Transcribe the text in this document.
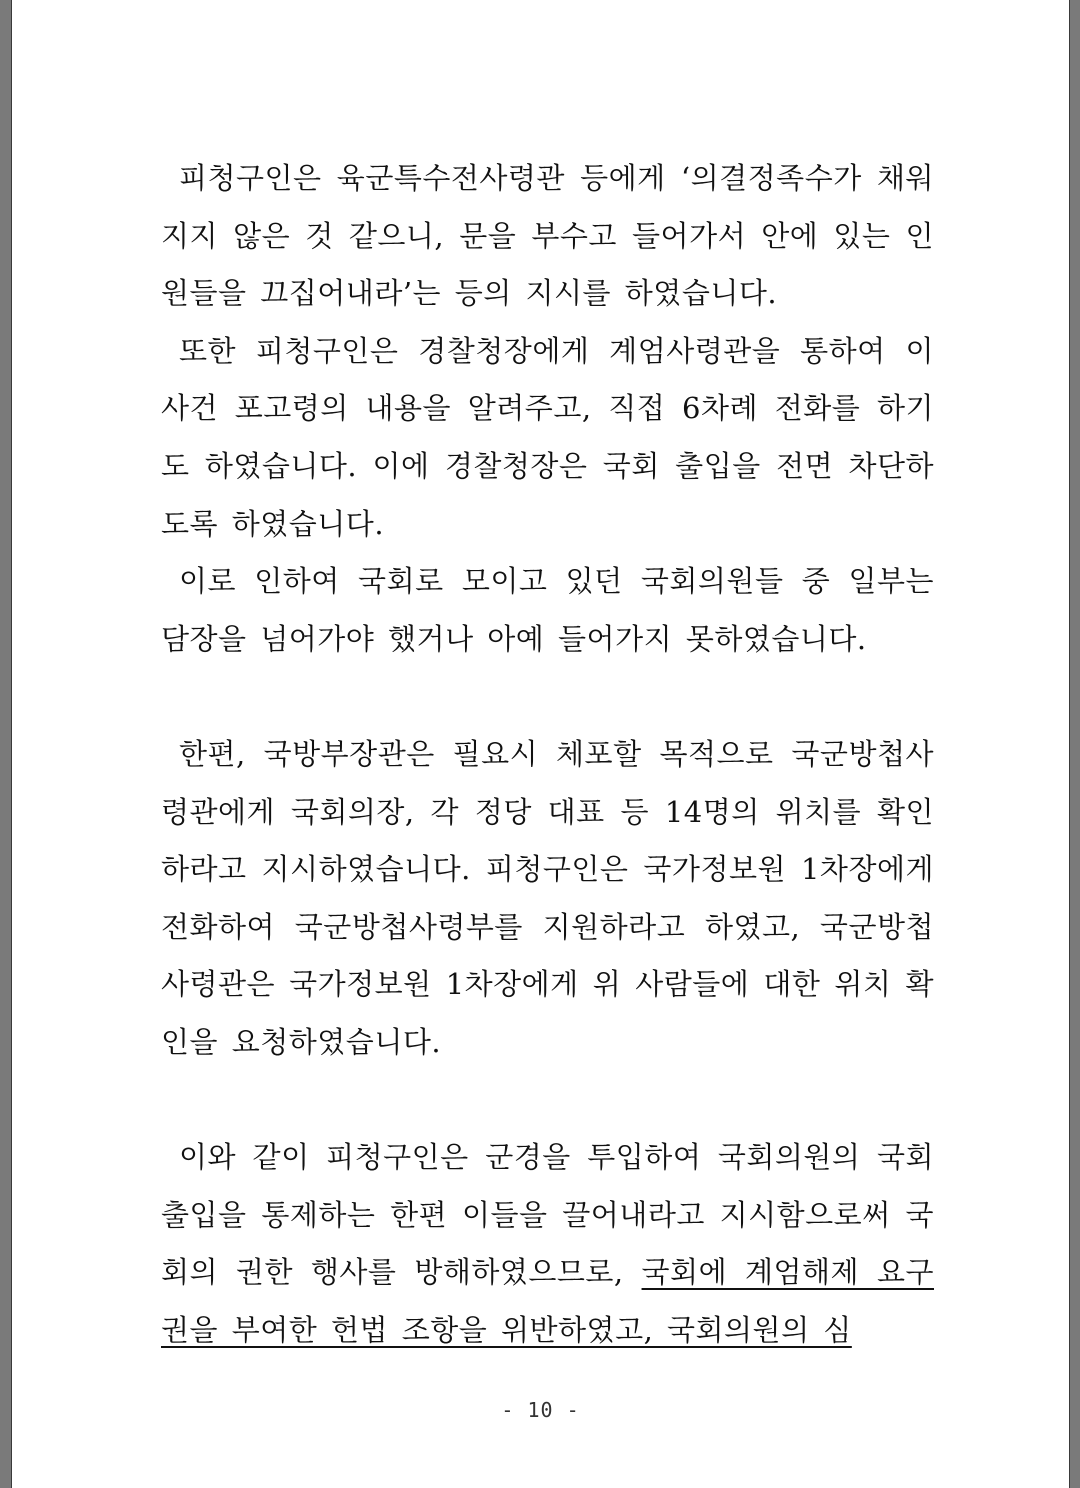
피청구인은 육군특수전사령관 등에게 ‘의결정족수가 채워지지 않은 것 같으니, 문을 부수고 들어가서 안에 있는 인원들을 끄집어내라’는 등의 지시를 하였습니다.

또한 피청구인은 경찰청장에게 계엄사령관을 통하여 이 사건 포고령의 내용을 알려주고, 직접 6차례 전화를 하기도 하였습니다. 이에 경찰청장은 국회 출입을 전면 차단하도록 하였습니다.

이로 인하여 국회로 모이고 있던 국회의원들 중 일부는 담장을 넘어가야 했거나 아예 들어가지 못하였습니다.

한편, 국방부장관은 필요시 체포할 목적으로 국군방첩사령관에게 국회의장, 각 정당 대표 등 14명의 위치를 확인하라고 지시하였습니다. 피청구인은 국가정보원 1차장에게 전화하여 국군방첩사령부를 지원하라고 하였고, 국군방첩사령관은 국가정보원 1차장에게 위 사람들에 대한 위치 확인을 요청하였습니다.

이와 같이 피청구인은 군경을 투입하여 국회의원의 국회 출입을 통제하는 한편 이들을 끌어내라고 지시함으로써 국회의 권한 행사를 방해하였으므로, 국회에 계엄해제 요구권을 부여한 헌법 조항을 위반하였고, 국회의원의 심

- 10 -
